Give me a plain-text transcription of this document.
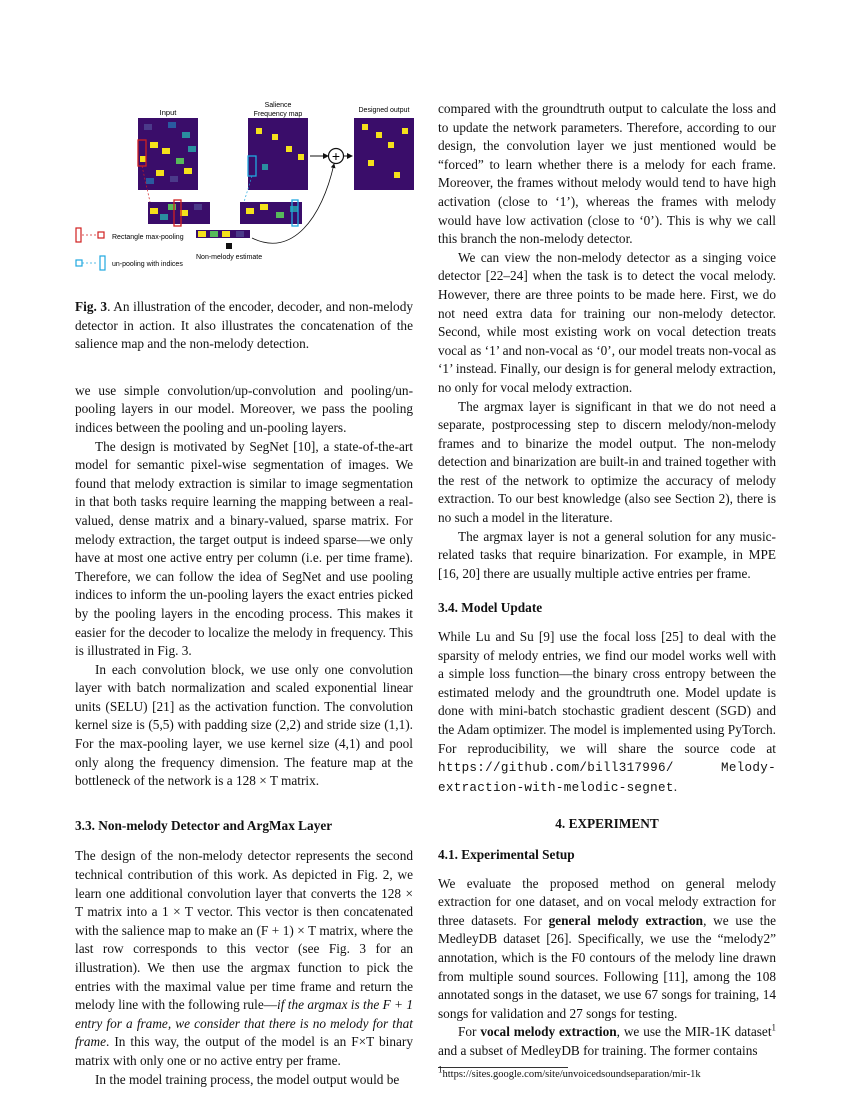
Input
Salience
Frequency map
Designed output
+
Non-melody estimate
Rectangle max-pooling
un-pooling with indices

Fig. 3. An illustration of the encoder, decoder, and non-melody detector in action. It also illustrates the concatenation of the salience map and the non-melody detection.

we use simple convolution/up-convolution and pooling/un-pooling layers in our model. Moreover, we pass the pooling indices between the pooling and un-pooling layers.

The design is motivated by SegNet [10], a state-of-the-art model for semantic pixel-wise segmentation of images. We found that melody extraction is similar to image segmentation in that both tasks require learning the mapping between a real-valued, dense matrix and a binary-valued, sparse matrix. For melody extraction, the target output is indeed sparse—we only have at most one active entry per column (i.e. per time frame). Therefore, we can follow the idea of SegNet and use pooling indices to inform the un-pooling layers the exact entries picked by the pooling layers in the encoding process. This makes it easier for the decoder to localize the melody in frequency. This is illustrated in Fig. 3.

In each convolution block, we use only one convolution layer with batch normalization and scaled exponential linear units (SELU) [21] as the activation function. The convolution kernel size is (5,5) with padding size (2,2) and stride size (1,1). For the max-pooling layer, we use kernel size (4,1) and pool only along the frequency dimension. The feature map at the bottleneck of the network is a 128 × T matrix.

3.3. Non-melody Detector and ArgMax Layer

The design of the non-melody detector represents the second technical contribution of this work. As depicted in Fig. 2, we learn one additional convolution layer that converts the 128 × T matrix into a 1 × T vector. This vector is then concatenated with the salience map to make an (F + 1) × T matrix, where the last row corresponds to this vector (see Fig. 3 for an illustration). We then use the argmax function to pick the entries with the maximal value per time frame and return the melody line with the following rule—if the argmax is the F + 1 entry for a frame, we consider that there is no melody for that frame. In this way, the output of the model is an F×T binary matrix with only one or no active entry per frame.

In the model training process, the model output would be

compared with the groundtruth output to calculate the loss and to update the network parameters. Therefore, according to our design, the convolution layer we just mentioned would be “forced” to learn whether there is a melody for each frame. Moreover, the frames without melody would tend to have high activation (close to ‘1’), whereas the frames with melody would have low activation (close to ‘0’). This is why we call this branch the non-melody detector.

We can view the non-melody detector as a singing voice detector [22–24] when the task is to detect the vocal melody. However, there are three points to be made here. First, we do not need extra data for training our non-melody detector. Second, while most existing work on vocal detection treats vocal as ‘1’ and non-vocal as ‘0’, our model treats non-vocal as ‘1’ instead. Finally, our design is for general melody extraction, no only for vocal melody extraction.

The argmax layer is significant in that we do not need a separate, postprocessing step to discern melody/non-melody frames and to binarize the model output. The non-melody detection and binarization are built-in and trained together with the rest of the network to optimize the accuracy of melody extraction. To our best knowledge (also see Section 2), there is no such a model in the literature.

The argmax layer is not a general solution for any music-related tasks that require binarization. For example, in MPE [16, 20] there are usually multiple active entries per frame.

3.4. Model Update

While Lu and Su [9] use the focal loss [25] to deal with the sparsity of melody entries, we find our model works well with a simple loss function—the binary cross entropy between the estimated melody and the groundtruth one. Model update is done with mini-batch stochastic gradient descent (SGD) and the Adam optimizer. The model is implemented using PyTorch. For reproducibility, we will share the source code at https://github.com/bill317996/	Melody-extraction-with-melodic-segnet.

4. EXPERIMENT
4.1. Experimental Setup

We evaluate the proposed method on general melody extraction for one dataset, and on vocal melody extraction for three datasets. For general melody extraction, we use the MedleyDB dataset [26]. Specifically, we use the “melody2” annotation, which is the F0 contours of the melody line drawn from multiple sound sources. Following [11], among the 108 annotated songs in the dataset, we use 67 songs for training, 14 songs for validation and 27 songs for testing.

For vocal melody extraction, we use the MIR-1K dataset$^1$ and a subset of MedleyDB for training. The former contains

$^1$https://sites.google.com/site/unvoicedsoundseparation/mir-1k
